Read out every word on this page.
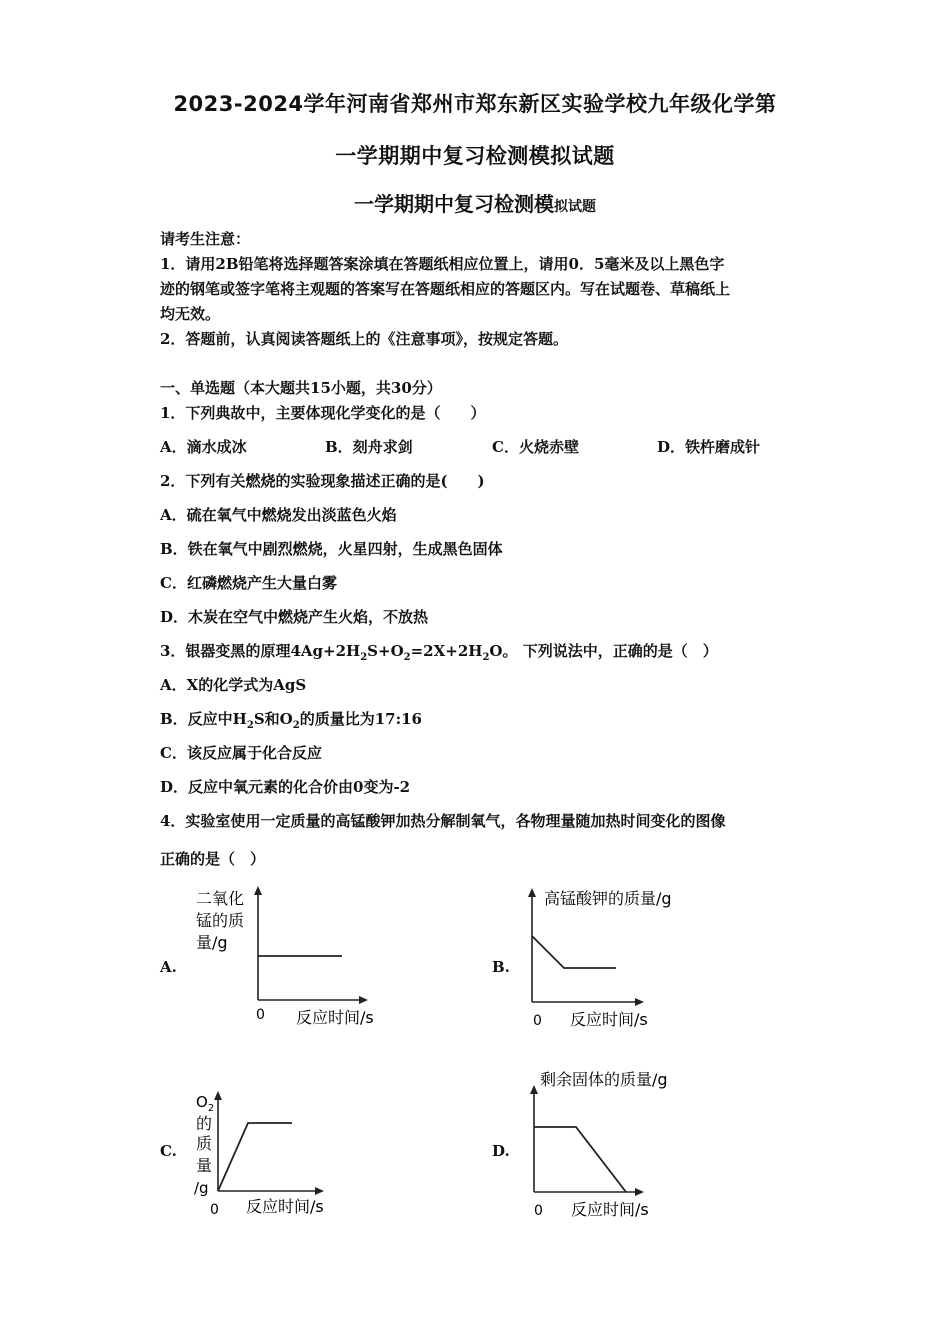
2023-2024学年河南省郑州市郑东新区实验学校九年级化学第
一学期期中复习检测模拟试题
一学期期中复习检测模拟试题
请考生注意：
1．请用2B铅笔将选择题答案涂填在答题纸相应位置上，请用0．5毫米及以上黑色字
迹的钢笔或签字笔将主观题的答案写在答题纸相应的答题区内。写在试题卷、草稿纸上
均无效。
2．答题前，认真阅读答题纸上的《注意事项》，按规定答题。
一、单选题（本大题共15小题，共30分）
1．下列典故中，主要体现化学变化的是（　　）
A．滴水成冰	B．刻舟求剑	C．火烧赤壁	D．铁杵磨成针
2．下列有关燃烧的实验现象描述正确的是(　　)
A．硫在氧气中燃烧发出淡蓝色火焰
B．铁在氧气中剧烈燃烧，火星四射，生成黑色固体
C．红磷燃烧产生大量白雾
D．木炭在空气中燃烧产生火焰，不放热
3．银器变黑的原理$4Ag+2H_2S+O_2=2X+2H_2O$。 下列说法中，正确的是（　）
A．X的化学式为AgS
B．反应中$H_2S$和$O_2$的质量比为17:16
C．该反应属于化合反应
D．反应中氧元素的化合价由0变为-2
4．实验室使用一定质量的高锰酸钾加热分解制氧气，各物理量随加热时间变化的图像
正确的是（　）
A.	B.
C.	D.
二氧化
锰的质
量/g
0 反应时间/s
高锰酸钾的质量/g
0 反应时间/s
$O_2$
的
质
量
/g
0 反应时间/s
剩余固体的质量/g
0 反应时间/s
